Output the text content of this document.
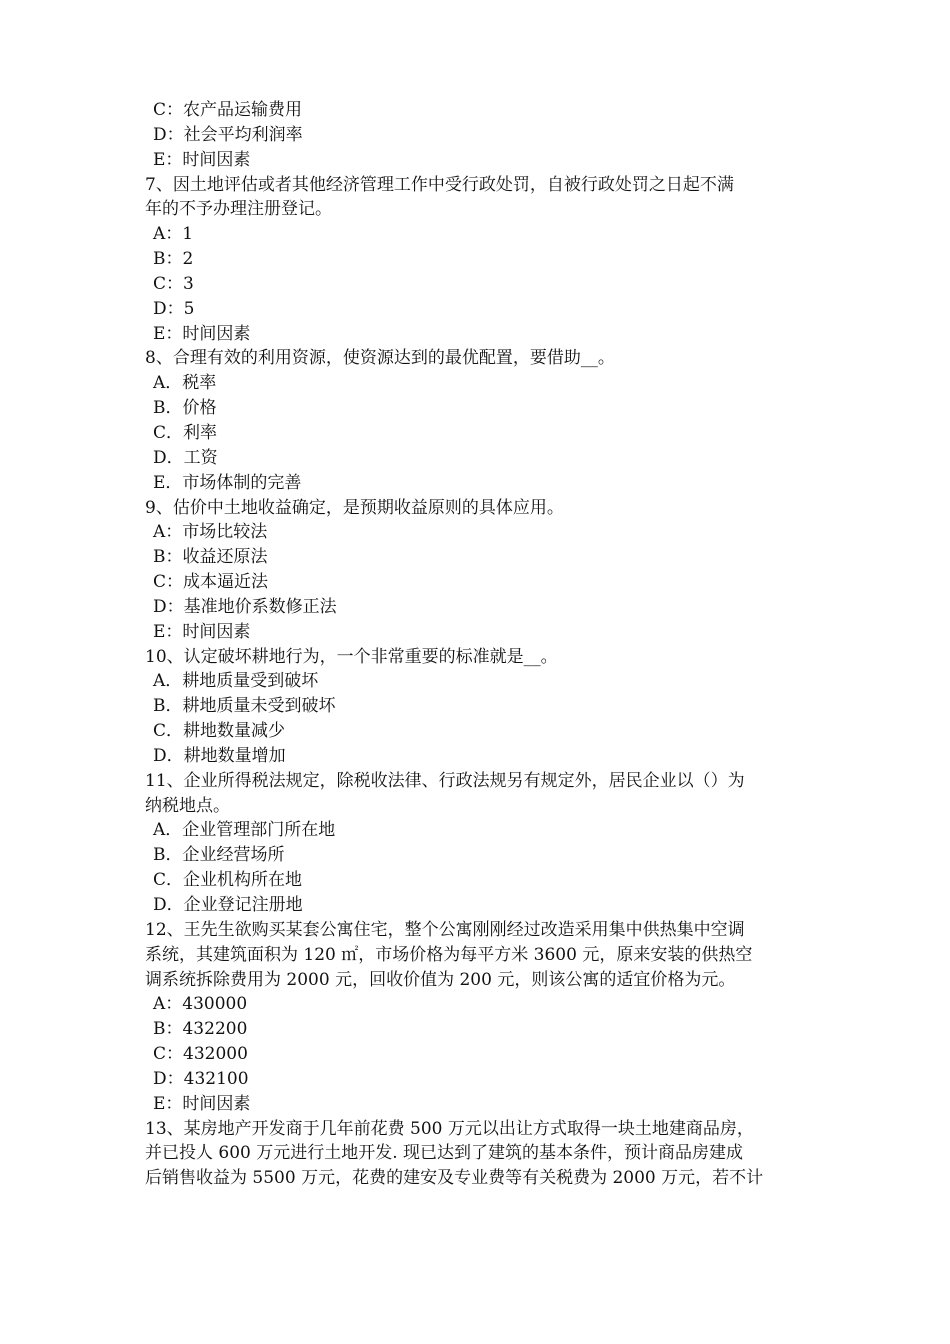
C：农产品运输费用
D：社会平均利润率
E：时间因素
7、因土地评估或者其他经济管理工作中受行政处罚，自被行政处罚之日起不满
年的不予办理注册登记。
A：1
B：2
C：3
D：5
E：时间因素
8、合理有效的利用资源，使资源达到的最优配置，要借助__。
A．税率
B．价格
C．利率
D．工资
E．市场体制的完善
9、估价中土地收益确定，是预期收益原则的具体应用。
A：市场比较法
B：收益还原法
C：成本逼近法
D：基准地价系数修正法
E：时间因素
10、认定破坏耕地行为，一个非常重要的标准就是__。
A．耕地质量受到破坏
B．耕地质量未受到破坏
C．耕地数量减少
D．耕地数量增加
11、企业所得税法规定，除税收法律、行政法规另有规定外，居民企业以（）为
纳税地点。
A．企业管理部门所在地
B．企业经营场所
C．企业机构所在地
D．企业登记注册地
12、王先生欲购买某套公寓住宅，整个公寓刚刚经过改造采用集中供热集中空调
系统，其建筑面积为 120 ㎡，市场价格为每平方米 3600 元，原来安装的供热空
调系统拆除费用为 2000 元，回收价值为 200 元，则该公寓的适宜价格为元。
A：430000
B：432200
C：432000
D：432100
E：时间因素
13、某房地产开发商于几年前花费 500 万元以出让方式取得一块土地建商品房，
并已投人 600 万元进行土地开发. 现已达到了建筑的基本条件，预计商品房建成
后销售收益为 5500 万元，花费的建安及专业费等有关税费为 2000 万元，若不计
